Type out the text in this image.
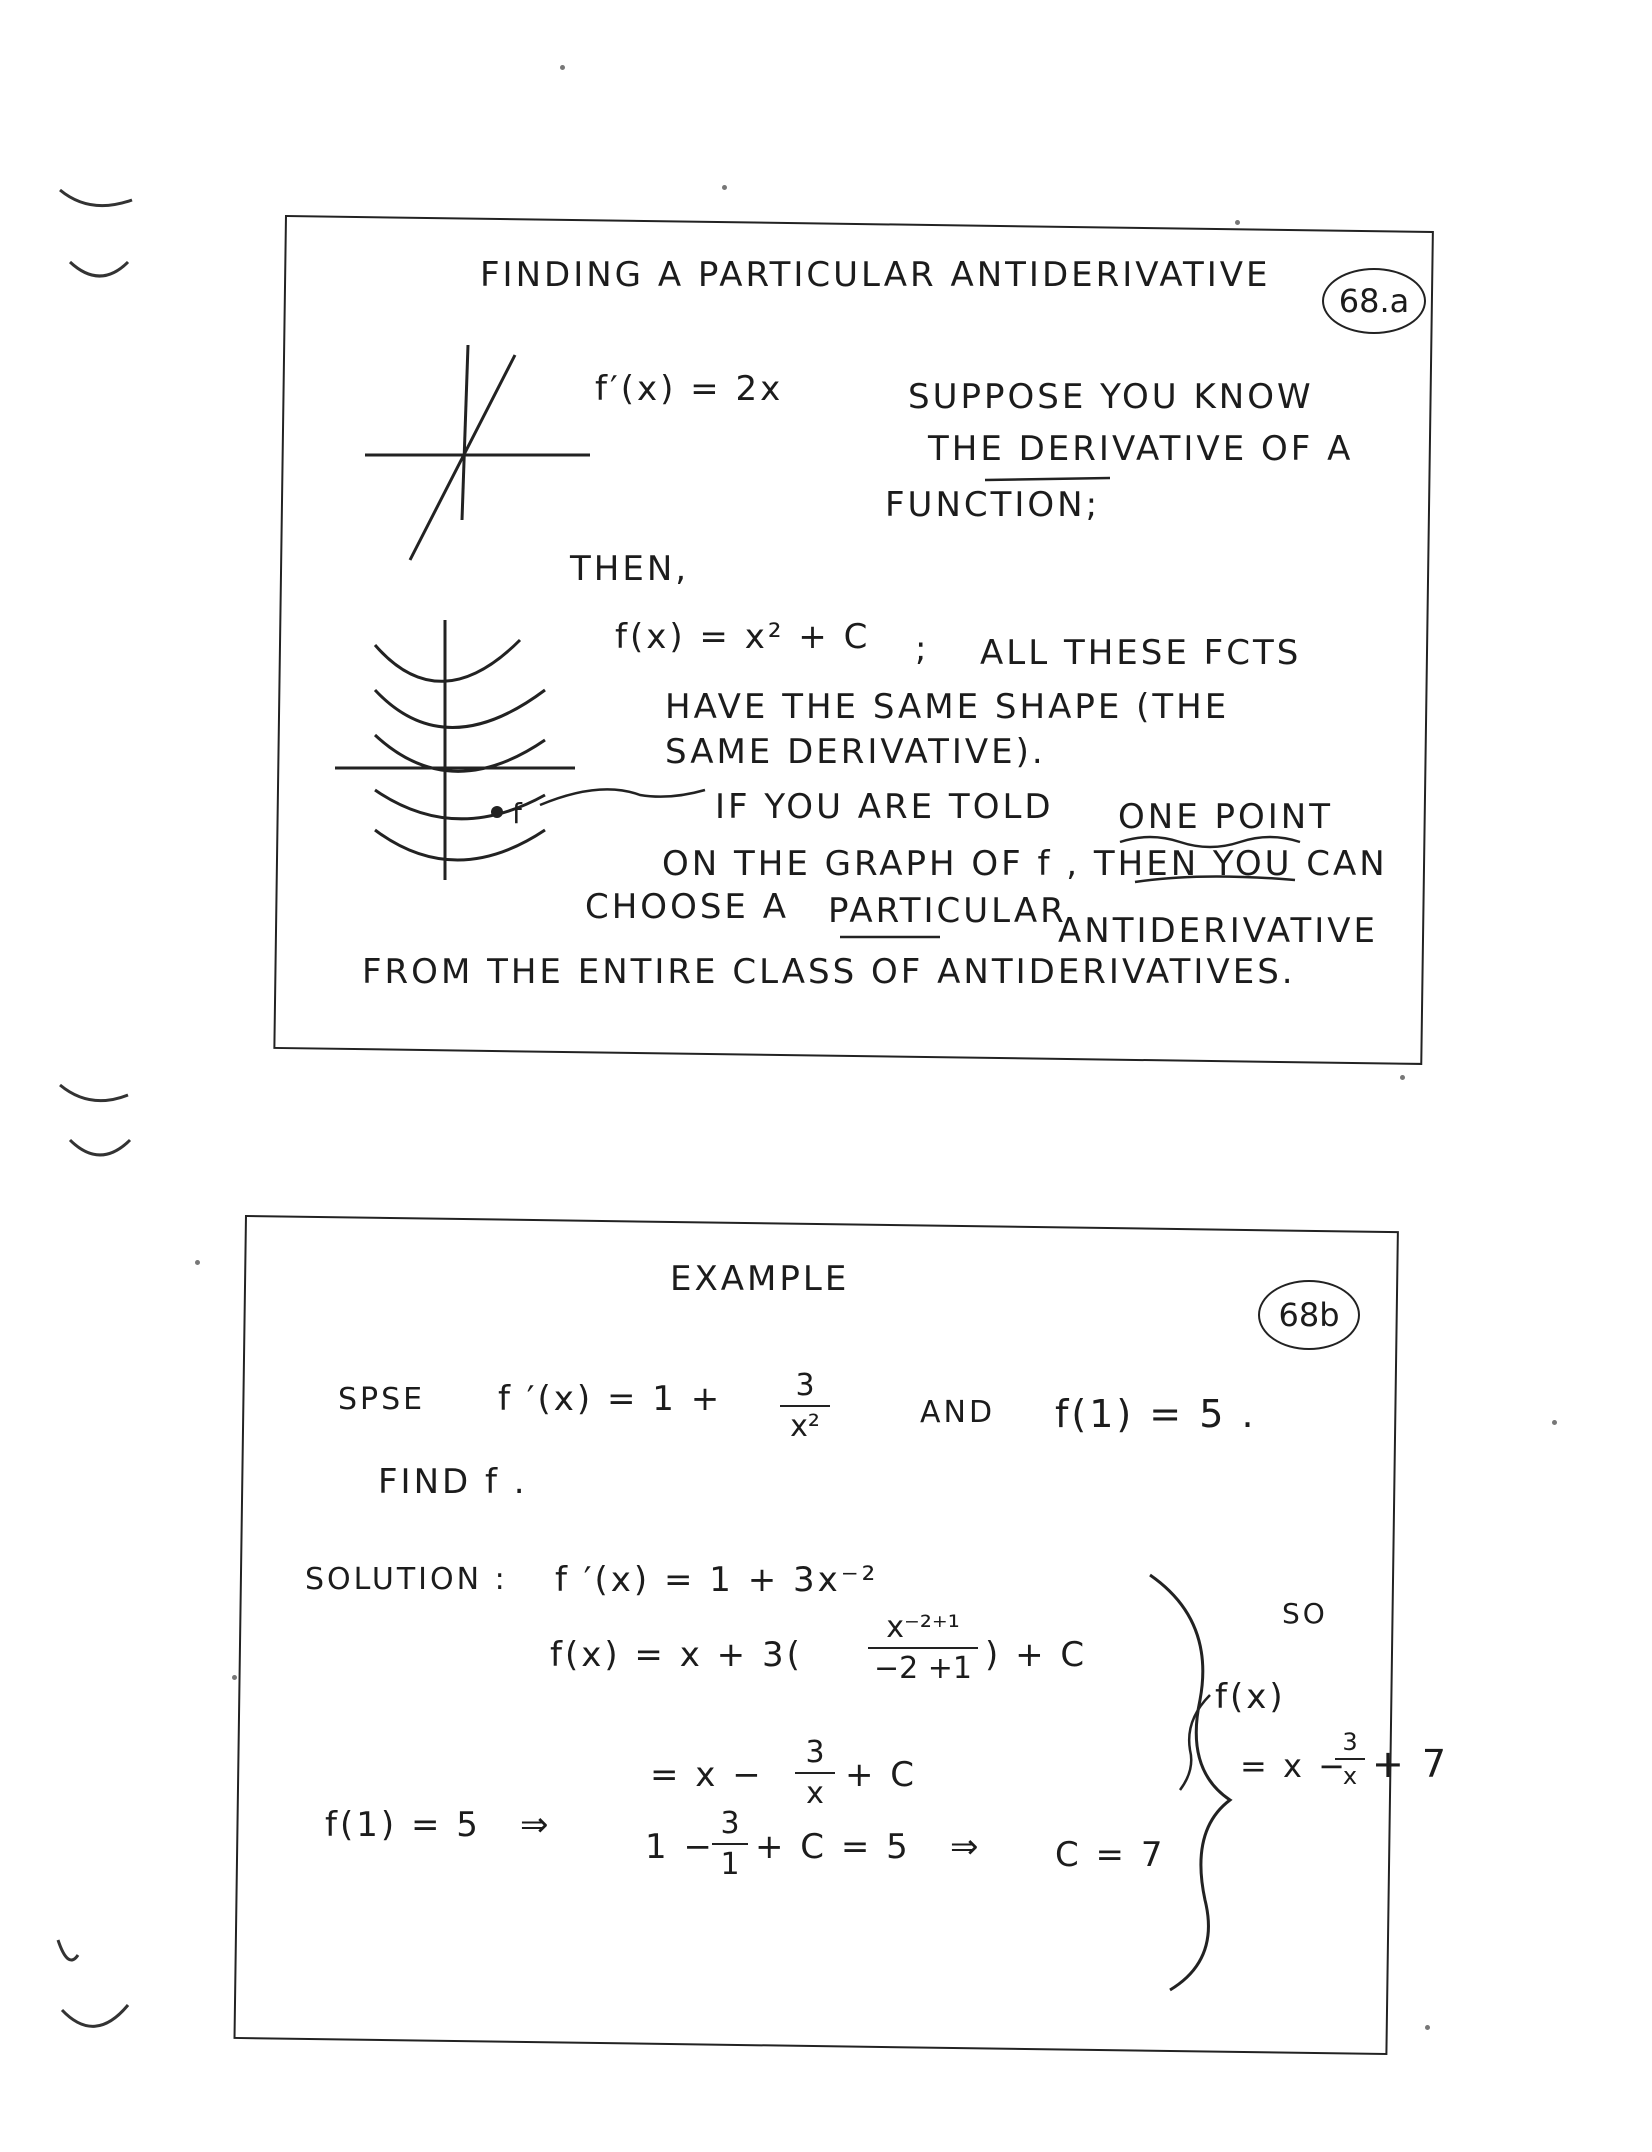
68.a
FINDING A PARTICULAR ANTIDERIVATIVE
f′(x) = 2x	SUPPOSE YOU KNOW
THE DERIVATIVE OF A
FUNCTION;
THEN,
f(x) = x² + C ; ALL THESE FCTS
HAVE THE SAME SHAPE (THE
SAME DERIVATIVE).
f	IF YOU ARE TOLD ONE POINT
ON THE GRAPH OF f , THEN YOU CAN
CHOOSE A PARTICULAR
ANTIDERIVATIVE
FROM THE ENTIRE CLASS OF ANTIDERIVATIVES.
68b
EXAMPLE
SPSE f ′(x) = 1 +	3
x²	AND f(1) = 5 .
FIND f .
SOLUTION : f ′(x) = 1 + 3x⁻²
f(x) = x + 3(
x⁻²⁺¹
−2 +1 ) + C
= x −
3
x + C
f(1) = 5 ⇒
1 −
3
1 + C = 5 ⇒ C = 7
SO
f(x)
= x −
3
x + 7
